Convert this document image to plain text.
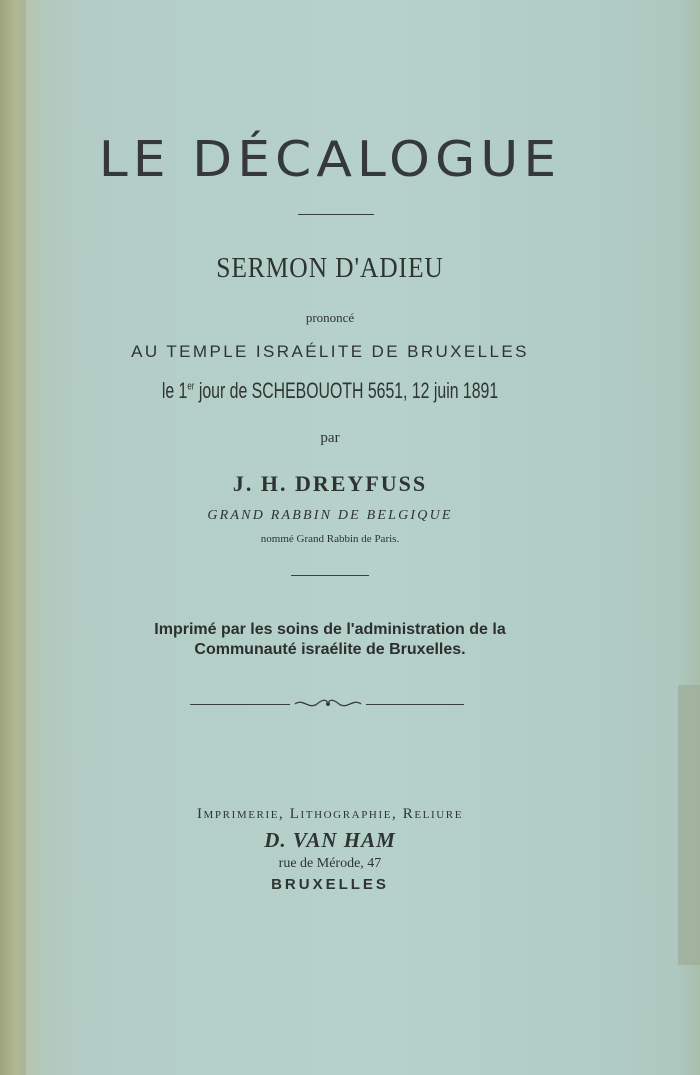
LE DÉCALOGUE
SERMON D'ADIEU
prononcé
AU TEMPLE ISRAÉLITE DE BRUXELLES
le 1er jour de SCHEBOUOTH 5651, 12 juin 1891
par
J. H. DREYFUSS
GRAND RABBIN DE BELGIQUE
nommé Grand Rabbin de Paris.
Imprimé par les soins de l'administration de la
Communauté israélite de Bruxelles.
Imprimerie, Lithographie, Reliure
D. VAN HAM
rue de Mérode, 47
BRUXELLES
